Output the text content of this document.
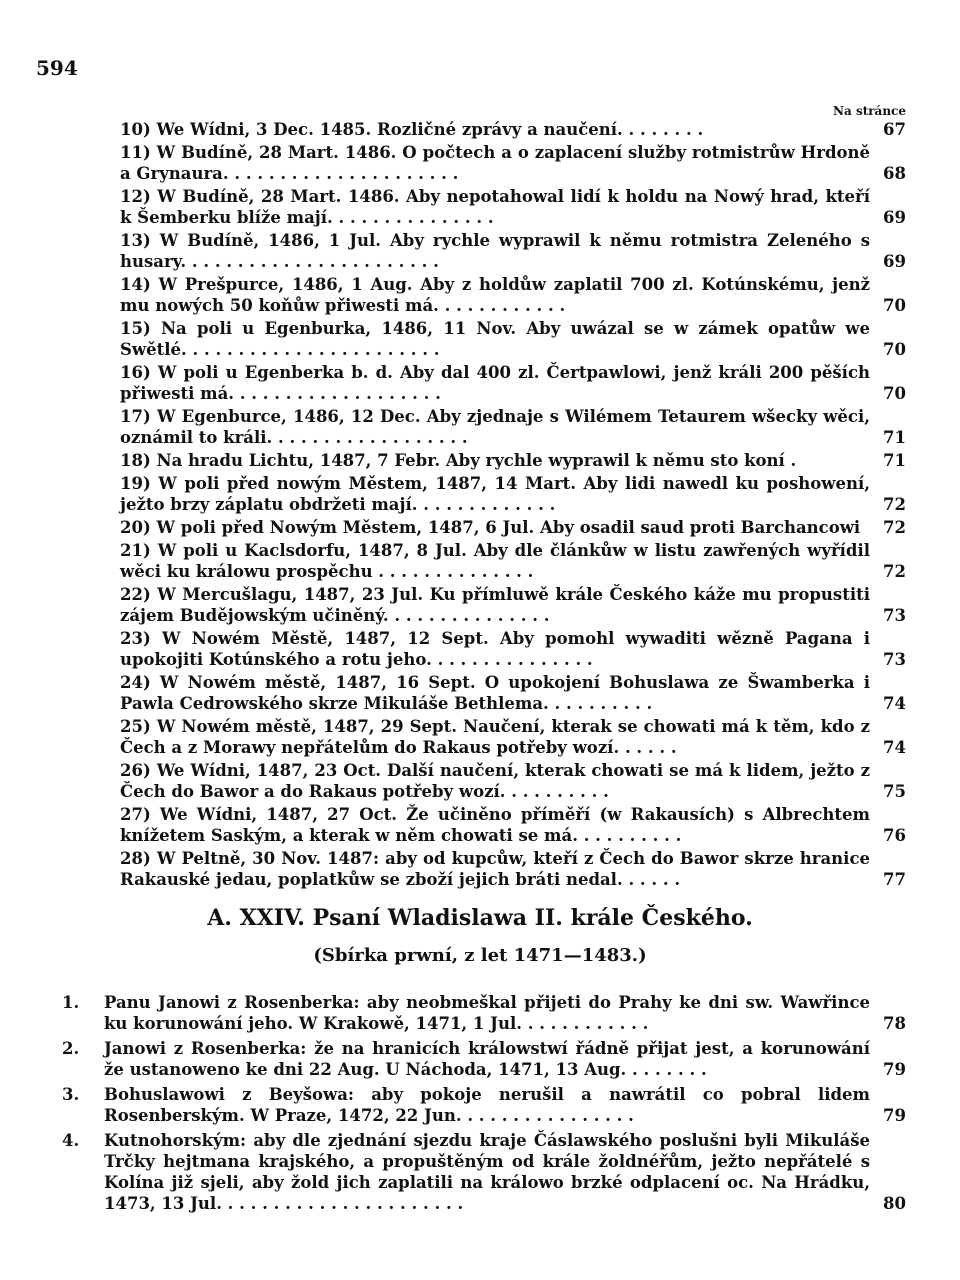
594
Na stránce
10) We Wídni, 3 Dec. 1485. Rozličné zprávy a naučení. . . . . . . .	67
11) W Budíně, 28 Mart. 1486. O počtech a o zaplacení služby rotmistrůw Hrdoně a Grynaura. . . . . . . . . . . . . . . . . . . . .	68
12) W Budíně, 28 Mart. 1486. Aby nepotahowal lidí k holdu na Nowý hrad, kteří k Šemberku blíže mají. . . . . . . . . . . . . . .	69
13) W Budíně, 1486, 1 Jul. Aby rychle wyprawil k němu rotmistra Zeleného s husary. . . . . . . . . . . . . . . . . . . . . . .	69
14) W Prešpurce, 1486, 1 Aug. Aby z holdůw zaplatil 700 zl. Kotúnskému, jenž mu nowých 50 koňůw přiwesti má. . . . . . . . . . . .	70
15) Na poli u Egenburka, 1486, 11 Nov. Aby uwázal se w zámek opatůw we Swětlé. . . . . . . . . . . . . . . . . . . . . . .	70
16) W poli u Egenberka b. d. Aby dal 400 zl. Čertpawlowi, jenž králi 200 pěších přiwesti má. . . . . . . . . . . . . . . . . . .	70
17) W Egenburce, 1486, 12 Dec. Aby zjednaje s Wilémem Tetaurem wšecky wěci, oznámil to králi. . . . . . . . . . . . . . . . . .	71
18) Na hradu Lichtu, 1487, 7 Febr. Aby rychle wyprawil k němu sto koní .	71
19) W poli před nowým Městem, 1487, 14 Mart. Aby lidi nawedl ku poshowení, ježto brzy záplatu obdržeti mají. . . . . . . . . . . . .	72
20) W poli před Nowým Městem, 1487, 6 Jul. Aby osadil saud proti Barchancowi	72
21) W poli u Kaclsdorfu, 1487, 8 Jul. Aby dle článkůw w listu zawřených wyřídil wěci ku králowu prospěchu . . . . . . . . . . . . . .	72
22) W Mercušlagu, 1487, 23 Jul. Ku přímluwě krále Českého káže mu propustiti zájem Budějowským učiněný. . . . . . . . . . . . . . .	73
23) W Nowém Městě, 1487, 12 Sept. Aby pomohl wywaditi wězně Pagana i upokojiti Kotúnského a rotu jeho. . . . . . . . . . . . . . .	73
24) W Nowém městě, 1487, 16 Sept. O upokojení Bohuslawa ze Šwamberka i Pawla Cedrowského skrze Mikuláše Bethlema. . . . . . . . . .	74
25) W Nowém městě, 1487, 29 Sept. Naučení, kterak se chowati má k těm, kdo z Čech a z Morawy nepřátelům do Rakaus potřeby wozí. . . . . .	74
26) We Wídni, 1487, 23 Oct. Další naučení, kterak chowati se má k lidem, ježto z Čech do Bawor a do Rakaus potřeby wozí. . . . . . . . . .	75
27) We Wídni, 1487, 27 Oct. Že učiněno příměří (w Rakausích) s Albrechtem knížetem Saským, a kterak w něm chowati se má. . . . . . . . . .	76
28) W Peltně, 30 Nov. 1487: aby od kupcůw, kteří z Čech do Bawor skrze hranice Rakauské jedau, poplatkůw se zboží jejich bráti nedal. . . . . .	77
A. XXIV. Psaní Wladislawa II. krále Českého.
(Sbírka prwní, z let 1471—1483.)
1. Panu Janowi z Rosenberka: aby neobmeškal přijeti do Prahy ke dni sw. Wawřince ku korunowání jeho. W Krakowě, 1471, 1 Jul. . . . . . . . . . . .	78
2. Janowi z Rosenberka: že na hranicích králowstwí řádně přijat jest, a korunowání že ustanoweno ke dni 22 Aug. U Náchoda, 1471, 13 Aug. . . . . . . .	79
3. Bohuslawowi z Beyšowa: aby pokoje nerušil a nawrátil co pobral lidem Rosenberským. W Praze, 1472, 22 Jun. . . . . . . . . . . . . . . .	79
4. Kutnohorským: aby dle zjednání sjezdu kraje Čáslawského poslušni byli Mikuláše Trčky hejtmana krajského, a propuštěným od krále žoldnéřům, ježto nepřátelé s Kolína již sjeli, aby žold jich zaplatili na králowo brzké odplacení oc. Na Hrádku, 1473, 13 Jul. . . . . . . . . . . . . . . . . . . . . .	80
